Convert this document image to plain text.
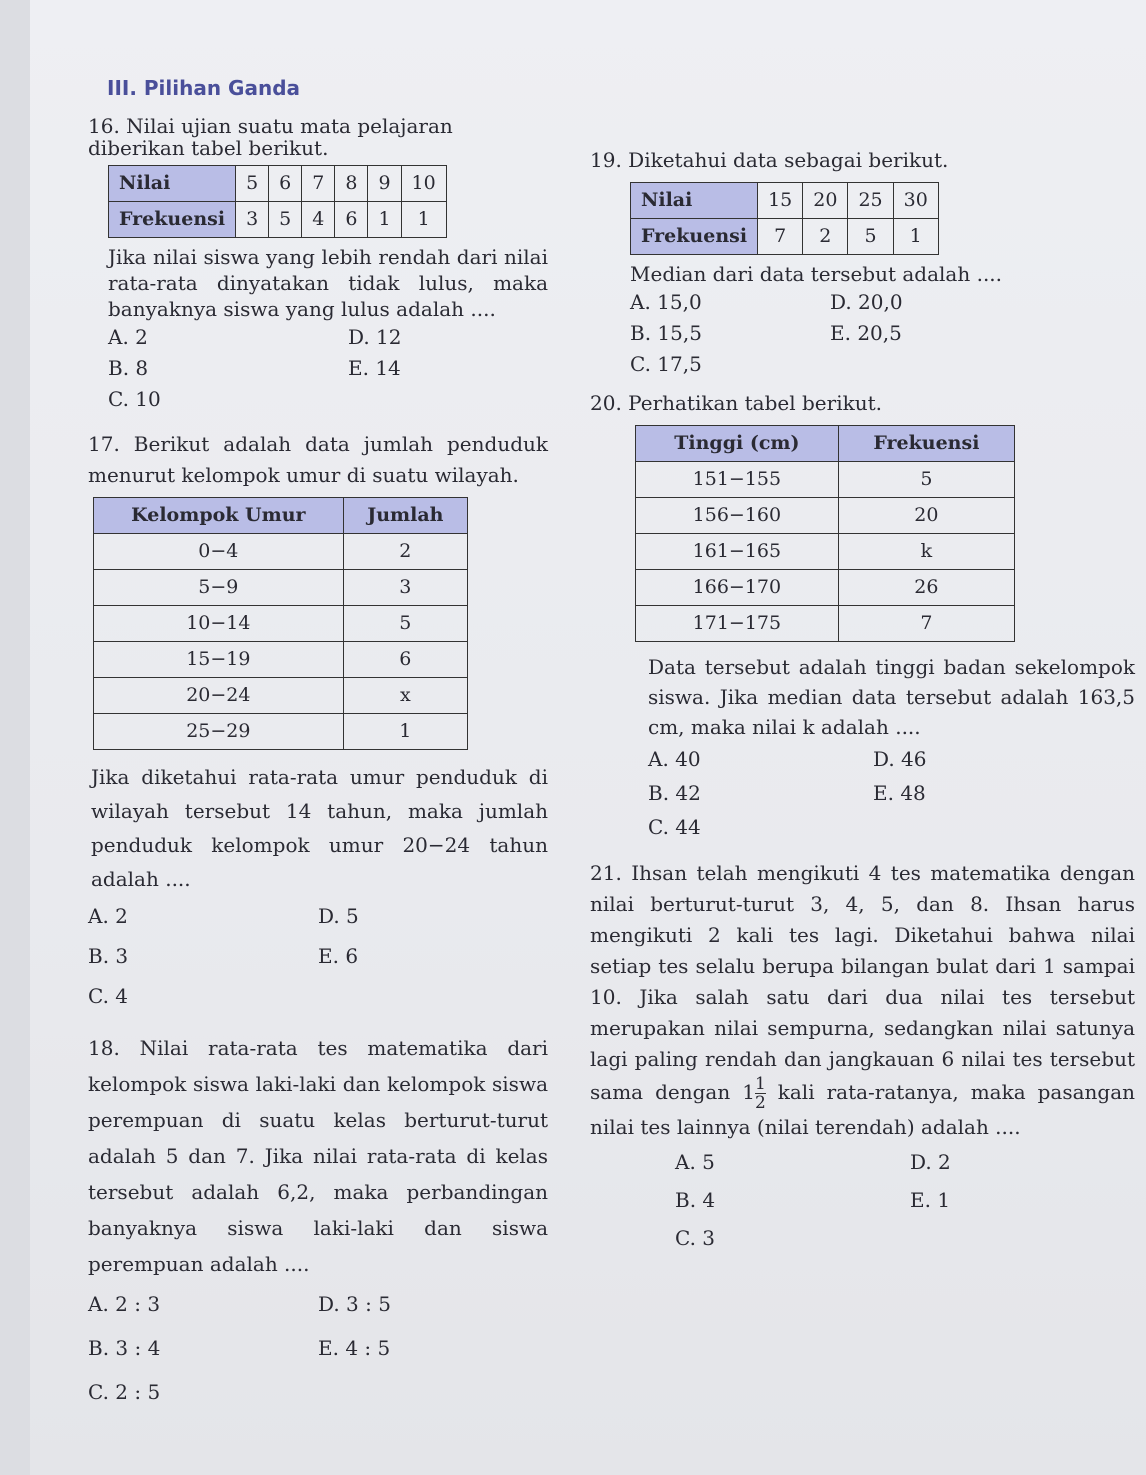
III. Pilihan Ganda

16. Nilai ujian suatu mata pelajaran diberikan tabel berikut.

Nilai	5	6	7	8	9	10
Frekuensi	3	5	4	6	1	1

Jika nilai siswa yang lebih rendah dari nilai rata-rata dinyatakan tidak lulus, maka banyaknya siswa yang lulus adalah ....

A. 2	D. 12
B. 8	E. 14
C. 10

17. Berikut adalah data jumlah penduduk menurut kelompok umur di suatu wilayah.

Kelompok Umur	Jumlah
0−4	2
5−9	3
10−14	5
15−19	6
20−24	x
25−29	1

Jika diketahui rata-rata umur penduduk di wilayah tersebut 14 tahun, maka jumlah penduduk kelompok umur 20−24 tahun adalah ....

A. 2	D. 5
B. 3	E. 6
C. 4

18. Nilai rata-rata tes matematika dari kelompok siswa laki-laki dan kelompok siswa perempuan di suatu kelas berturut-turut adalah 5 dan 7. Jika nilai rata-rata di kelas tersebut adalah 6,2, maka perbandingan banyaknya siswa laki-laki dan siswa perempuan adalah ....

A. 2 : 3	D. 3 : 5
B. 3 : 4	E. 4 : 5
C. 2 : 5

19. Diketahui data sebagai berikut.

Nilai	15	20	25	30
Frekuensi	7	2	5	1

Median dari data tersebut adalah ....

A. 15,0	D. 20,0
B. 15,5	E. 20,5
C. 17,5

20. Perhatikan tabel berikut.

Tinggi (cm)	Frekuensi
151−155	5
156−160	20
161−165	k
166−170	26
171−175	7

Data tersebut adalah tinggi badan sekelompok siswa. Jika median data tersebut adalah 163,5 cm, maka nilai k adalah ....

A. 40	D. 46
B. 42	E. 48
C. 44

21. Ihsan telah mengikuti 4 tes matematika dengan nilai berturut-turut 3, 4, 5, dan 8. Ihsan harus mengikuti 2 kali tes lagi. Diketahui bahwa nilai setiap tes selalu berupa bilangan bulat dari 1 sampai 10. Jika salah satu dari dua nilai tes tersebut merupakan nilai sempurna, sedangkan nilai satunya lagi paling rendah dan jangkauan 6 nilai tes tersebut sama dengan $1 \frac{1}{2}$ kali rata-ratanya, maka pasangan nilai tes lainnya (nilai terendah) adalah ....

A. 5	D. 2
B. 4	E. 1
C. 3
